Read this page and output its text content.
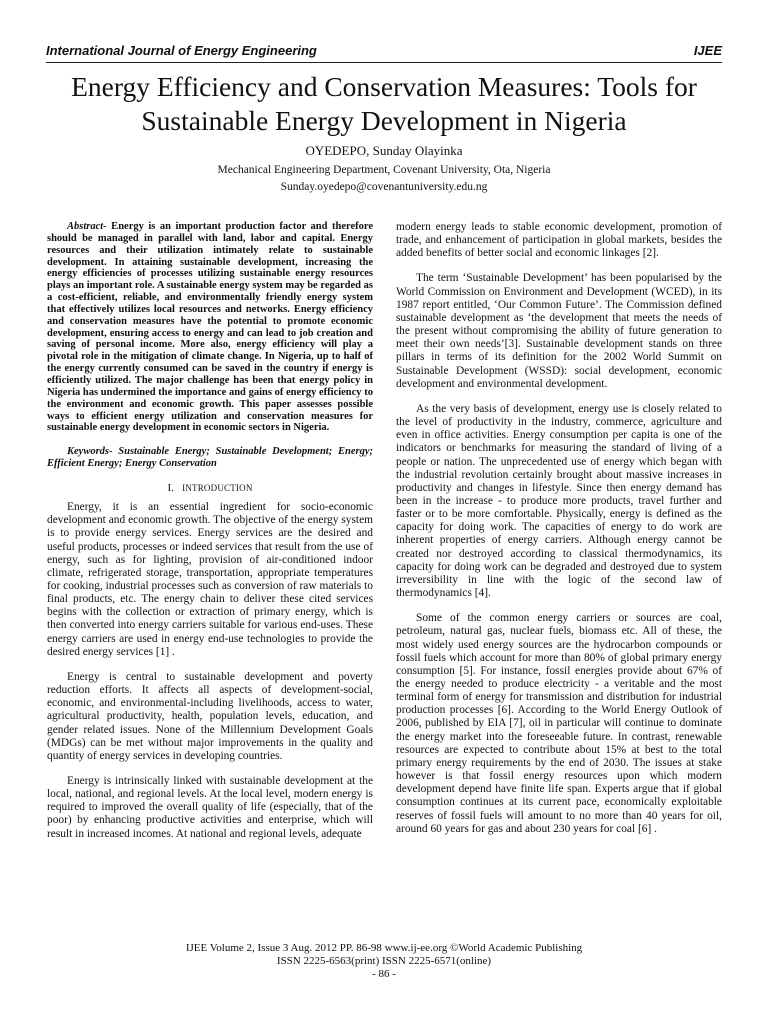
International Journal of Energy Engineering	IJEE
Energy Efficiency and Conservation Measures: Tools for Sustainable Energy Development in Nigeria
OYEDEPO, Sunday Olayinka
Mechanical Engineering Department, Covenant University, Ota, Nigeria
Sunday.oyedepo@covenantuniversity.edu.ng

Abstract- Energy is an important production factor and therefore should be managed in parallel with land, labor and capital. Energy resources and their utilization intimately relate to sustainable development. In attaining sustainable development, increasing the energy efficiencies of processes utilizing sustainable energy resources plays an important role. A sustainable energy system may be regarded as a cost-efficient, reliable, and environmentally friendly energy system that effectively utilizes local resources and networks. Energy efficiency and conservation measures have the potential to promote economic development, ensuring access to energy and can lead to job creation and saving of personal income. More also, energy efficiency will play a pivotal role in the mitigation of climate change. In Nigeria, up to half of the energy currently consumed can be saved in the country if energy is efficiently utilized. The major challenge has been that energy policy in Nigeria has undermined the importance and gains of energy efficiency to the environment and economic growth. This paper assesses possible ways to efficient energy utilization and conservation measures for sustainable energy development in economic sectors in Nigeria.

Keywords- Sustainable Energy; Sustainable Development; Energy; Efficient Energy; Energy Conservation

I. INTRODUCTION

Energy, it is an essential ingredient for socio-economic development and economic growth. The objective of the energy system is to provide energy services. Energy services are the desired and useful products, processes or indeed services that result from the use of energy, such as for lighting, provision of air-conditioned indoor climate, refrigerated storage, transportation, appropriate temperatures for cooking, industrial processes such as conversion of raw materials to final products, etc. The energy chain to deliver these cited services begins with the collection or extraction of primary energy, which is then converted into energy carriers suitable for various end-uses. These energy carriers are used in energy end-use technologies to provide the desired energy services [1] .

Energy is central to sustainable development and poverty reduction efforts. It affects all aspects of development-social, economic, and environmental-including livelihoods, access to water, agricultural productivity, health, population levels, education, and gender related issues. None of the Millennium Development Goals (MDGs) can be met without major improvements in the quality and quantity of energy services in developing countries.

Energy is intrinsically linked with sustainable development at the local, national, and regional levels. At the local level, modern energy is required to improved the overall quality of life (especially, that of the poor) by enhancing productive activities and enterprise, which will result in increased incomes. At national and regional levels, adequate

modern energy leads to stable economic development, promotion of trade, and enhancement of participation in global markets, besides the added benefits of better social and economic linkages [2].

The term ‘Sustainable Development’ has been popularised by the World Commission on Environment and Development (WCED), in its 1987 report entitled, ‘Our Common Future’. The Commission defined sustainable development as ‘the development that meets the needs of the present without compromising the ability of future generation to meet their own needs’[3]. Sustainable development stands on three pillars in terms of its definition for the 2002 World Summit on Sustainable Development (WSSD): social development, economic development and environmental development.

As the very basis of development, energy use is closely related to the level of productivity in the industry, commerce, agriculture and even in office activities. Energy consumption per capita is one of the indicators or benchmarks for measuring the standard of living of a people or nation. The unprecedented use of energy which began with the industrial revolution certainly brought about massive increases in productivity and changes in lifestyle. Since then energy demand has been in the increase - to produce more products, travel further and faster or to be more comfortable. Physically, energy is defined as the capacity for doing work. The capacities of energy to do work are inherent properties of energy carriers. Although energy cannot be created nor destroyed according to classical thermodynamics, its capacity for doing work can be degraded and destroyed due to system irreversibility in line with the logic of the second law of thermodynamics [4].

Some of the common energy carriers or sources are coal, petroleum, natural gas, nuclear fuels, biomass etc. All of these, the most widely used energy sources are the hydrocarbon compounds or fossil fuels which account for more than 80% of global primary energy consumption [5]. For instance, fossil energies provide about 67% of the energy needed to produce electricity - a veritable and the most terminal form of energy for transmission and distribution for industrial production processes [6]. According to the World Energy Outlook of 2006, published by EIA [7], oil in particular will continue to dominate the energy market into the foreseeable future. In contrast, renewable resources are expected to contribute about 15% at best to the total primary energy requirements by the end of 2030. The issues at stake however is that fossil energy resources upon which modern development depend have finite life span. Experts argue that if global consumption continues at its current pace, economically exploitable reserves of fossil fuels will amount to no more than 40 years for oil, around 60 years for gas and about 230 years for coal [6] .

IJEE Volume 2, Issue 3 Aug. 2012 PP. 86-98 www.ij-ee.org ©World Academic Publishing
ISSN 2225-6563(print) ISSN 2225-6571(online)
- 86 -
